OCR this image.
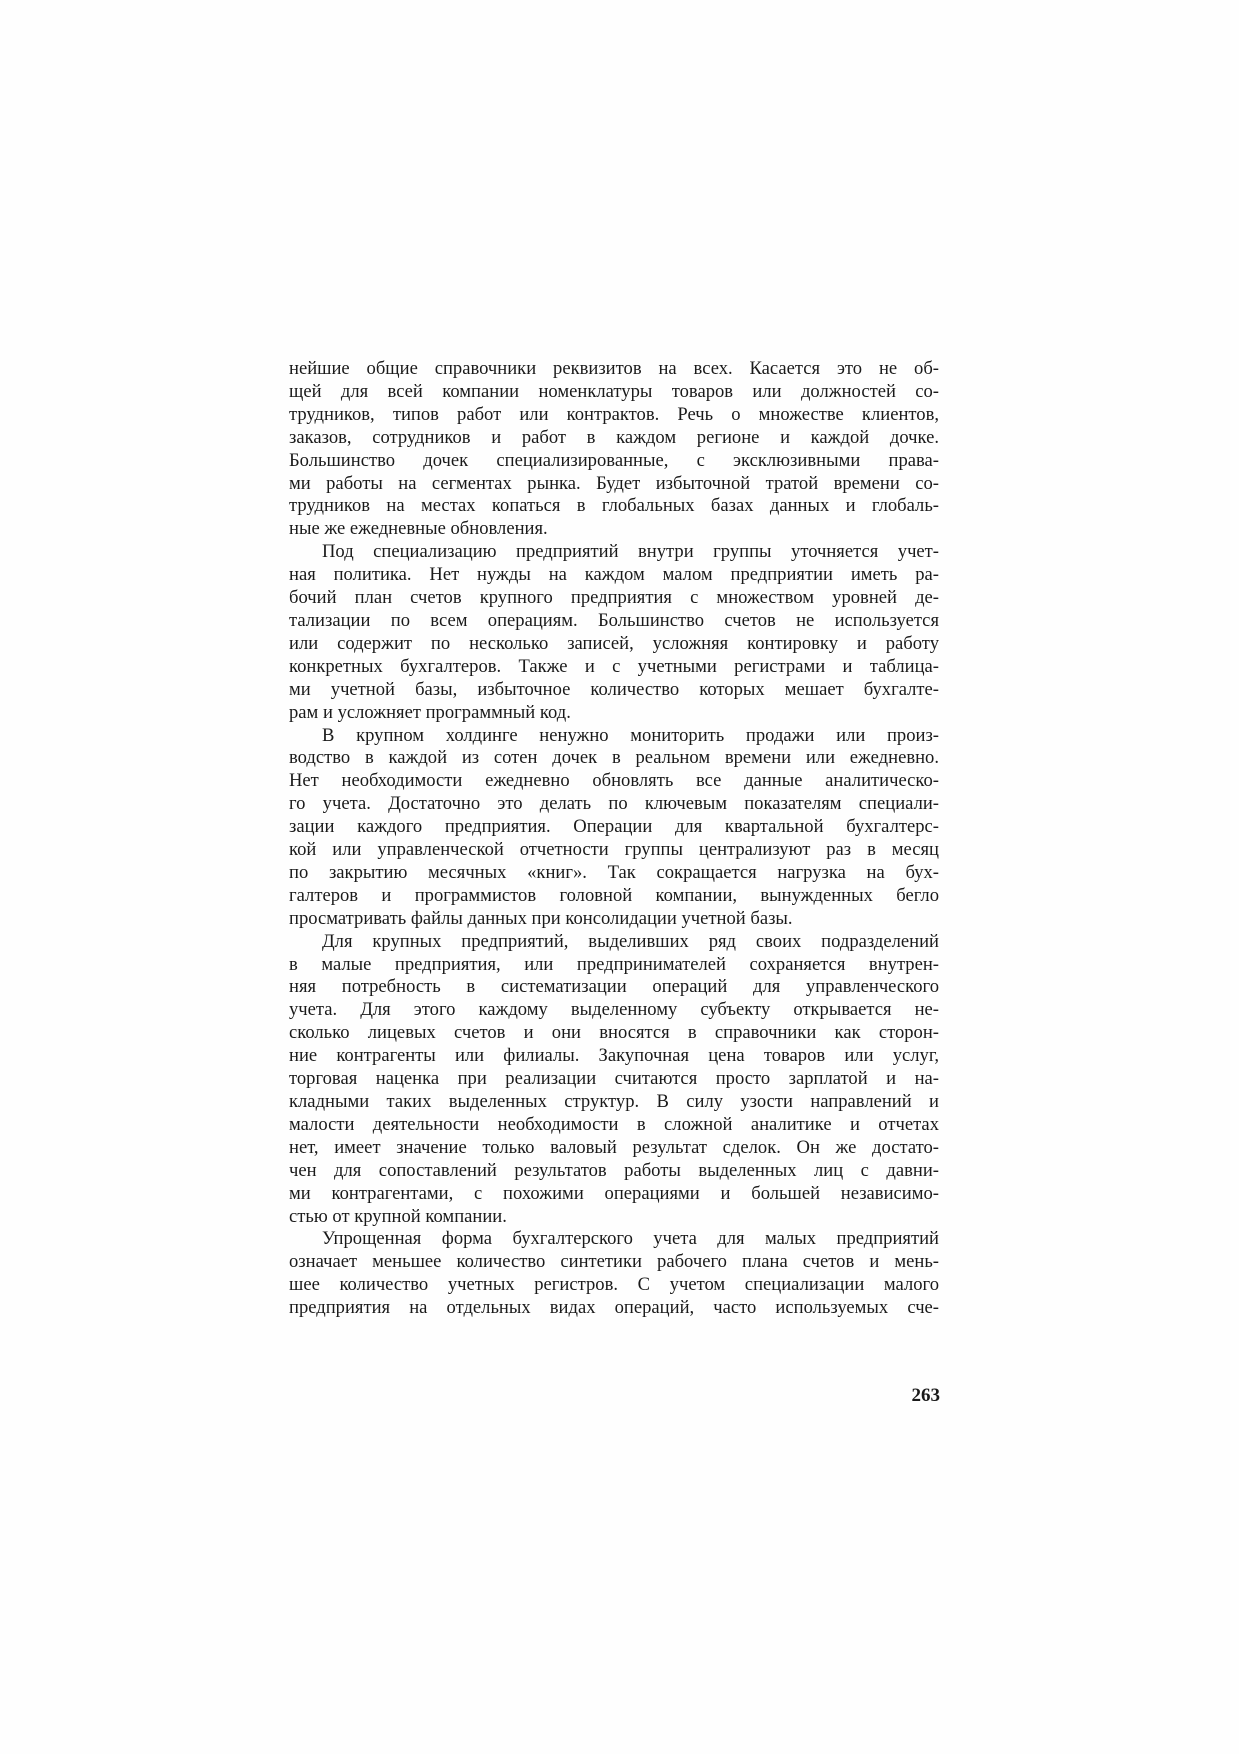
нейшие общие справочники реквизитов на всех. Касается это не об-
щей для всей компании номенклатуры товаров или должностей со-
трудников, типов работ или контрактов. Речь о множестве клиентов,
заказов, сотрудников и работ в каждом регионе и каждой дочке.
Большинство дочек специализированные, с эксклюзивными права-
ми работы на сегментах рынка. Будет избыточной тратой времени со-
трудников на местах копаться в глобальных базах данных и глобаль-
ные же ежедневные обновления.
Под специализацию предприятий внутри группы уточняется учет-
ная политика. Нет нужды на каждом малом предприятии иметь ра-
бочий план счетов крупного предприятия с множеством уровней де-
тализации по всем операциям. Большинство счетов не используется
или содержит по несколько записей, усложняя контировку и работу
конкретных бухгалтеров. Также и с учетными регистрами и таблица-
ми учетной базы, избыточное количество которых мешает бухгалте-
рам и усложняет программный код.
В крупном холдинге ненужно мониторить продажи или произ-
водство в каждой из сотен дочек в реальном времени или ежедневно.
Нет необходимости ежедневно обновлять все данные аналитическо-
го учета. Достаточно это делать по ключевым показателям специали-
зации каждого предприятия. Операции для квартальной бухгалтерс-
кой или управленческой отчетности группы централизуют раз в месяц
по закрытию месячных «книг». Так сокращается нагрузка на бух-
галтеров и программистов головной компании, вынужденных бегло
просматривать файлы данных при консолидации учетной базы.
Для крупных предприятий, выделивших ряд своих подразделений
в малые предприятия, или предпринимателей сохраняется внутрен-
няя потребность в систематизации операций для управленческого
учета. Для этого каждому выделенному субъекту открывается не-
сколько лицевых счетов и они вносятся в справочники как сторон-
ние контрагенты или филиалы. Закупочная цена товаров или услуг,
торговая наценка при реализации считаются просто зарплатой и на-
кладными таких выделенных структур. В силу узости направлений и
малости деятельности необходимости в сложной аналитике и отчетах
нет, имеет значение только валовый результат сделок. Он же достато-
чен для сопоставлений результатов работы выделенных лиц с давни-
ми контрагентами, с похожими операциями и большей независимо-
стью от крупной компании.
Упрощенная форма бухгалтерского учета для малых предприятий
означает меньшее количество синтетики рабочего плана счетов и мень-
шее количество учетных регистров. С учетом специализации малого
предприятия на отдельных видах операций, часто используемых сче-
263
